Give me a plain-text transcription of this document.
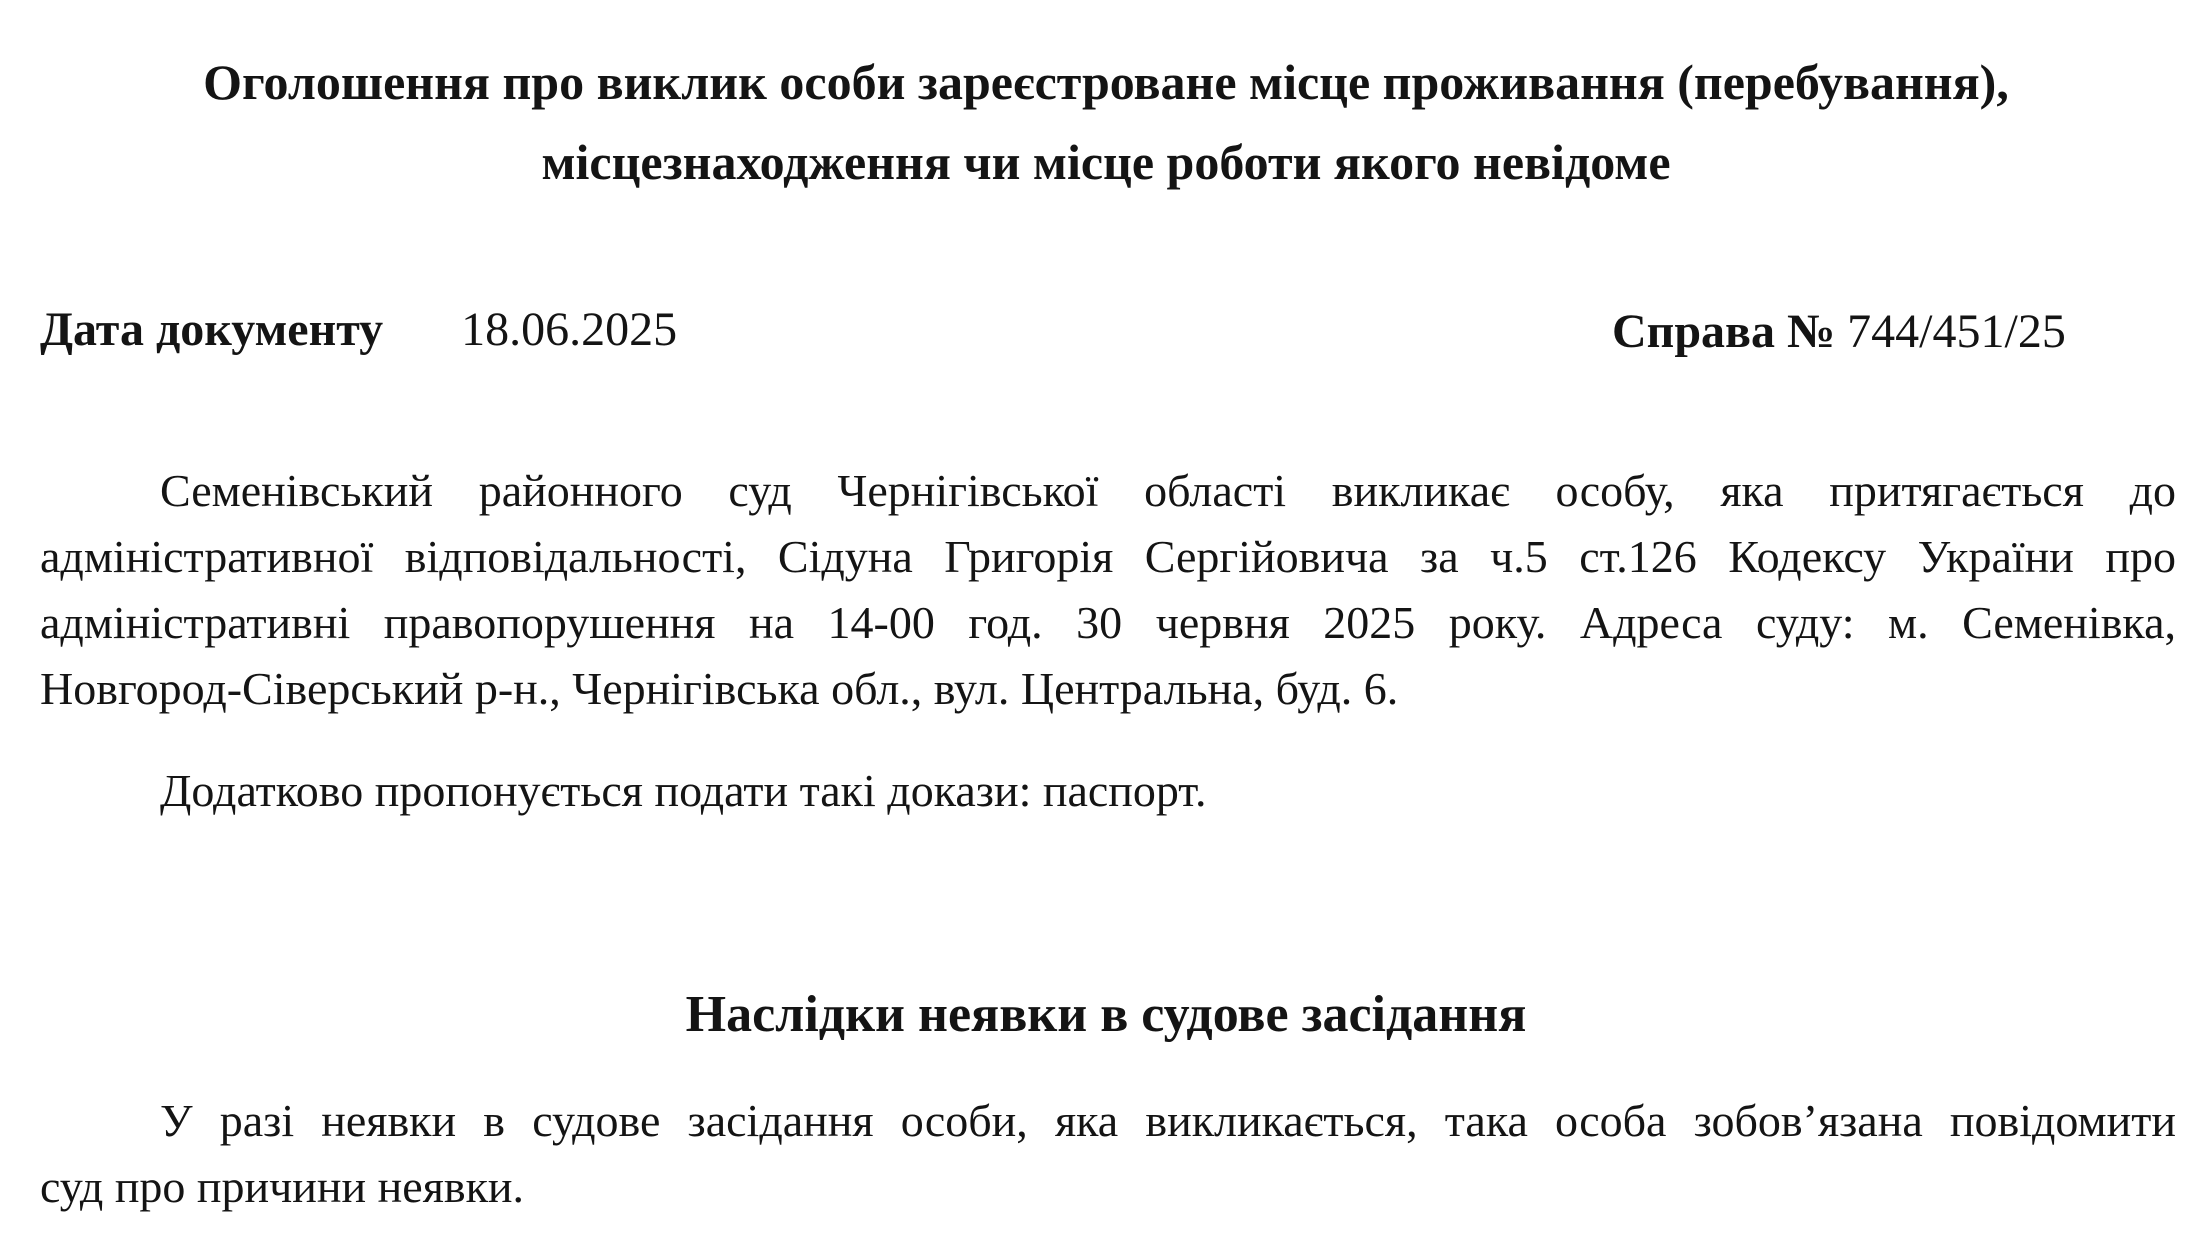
Оголошення про виклик особи зареєстроване місце проживання (перебування),
місцезнаходження чи місце роботи якого невідоме
Дата документу 18.06.2025	Справа № 744/451/25
Семенівський районного суд Чернігівської області викликає особу, яка притягається до
адміністративної відповідальності, Сідуна Григорія Сергійовича за ч.5 ст.126 Кодексу України про
адміністративні правопорушення на 14-00 год. 30 червня 2025 року. Адреса суду: м. Семенівка,
Новгород-Сіверський р-н., Чернігівська обл., вул. Центральна, буд. 6.
Додатково пропонується подати такі докази: паспорт.
Наслідки неявки в судове засідання
У разі неявки в судове засідання особи, яка викликається, така особа зобов’язана повідомити
суд про причини неявки.
